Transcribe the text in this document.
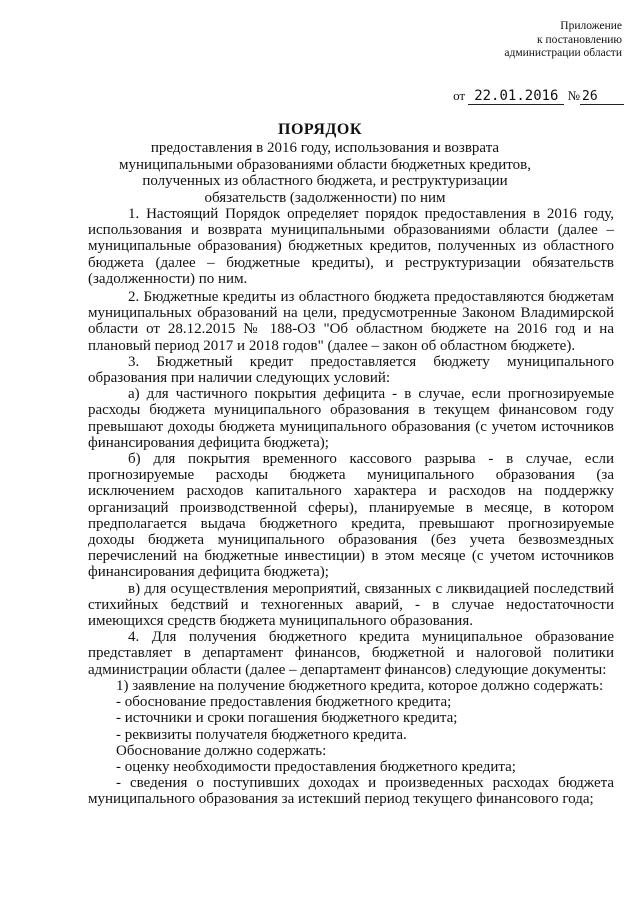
Приложение
к постановлению
администрации области
от 22.01.2016 № 26
ПОРЯДОК
предоставления в 2016 году, использования и возврата муниципальными образованиями области бюджетных кредитов, полученных из областного бюджета, и реструктуризации обязательств (задолженности) по ним

1. Настоящий Порядок определяет порядок предоставления в 2016 году, использования и возврата муниципальными образованиями области (далее – муниципальные образования) бюджетных кредитов, полученных из областного бюджета (далее – бюджетные кредиты), и реструктуризации обязательств (задолженности) по ним.

2. Бюджетные кредиты из областного бюджета предоставляются бюджетам муниципальных образований на цели, предусмотренные Законом Владимирской области от 28.12.2015 № 188-ОЗ "Об областном бюджете на 2016 год и на плановый период 2017 и 2018 годов" (далее – закон об областном бюджете).

3. Бюджетный кредит предоставляется бюджету муниципального образования при наличии следующих условий:

а) для частичного покрытия дефицита - в случае, если прогнозируемые расходы бюджета муниципального образования в текущем финансовом году превышают доходы бюджета муниципального образования (с учетом источников финансирования дефицита бюджета);

б) для покрытия временного кассового разрыва - в случае, если прогнозируемые расходы бюджета муниципального образования (за исключением расходов капитального характера и расходов на поддержку организаций производственной сферы), планируемые в месяце, в котором предполагается выдача бюджетного кредита, превышают прогнозируемые доходы бюджета муниципального образования (без учета безвозмездных перечислений на бюджетные инвестиции) в этом месяце (с учетом источников финансирования дефицита бюджета);

в) для осуществления мероприятий, связанных с ликвидацией последствий стихийных бедствий и техногенных аварий, - в случае недостаточности имеющихся средств бюджета муниципального образования.

4. Для получения бюджетного кредита муниципальное образование представляет в департамент финансов, бюджетной и налоговой политики администрации области (далее – департамент финансов) следующие документы:

1) заявление на получение бюджетного кредита, которое должно содержать:

- обоснование предоставления бюджетного кредита;

- источники и сроки погашения бюджетного кредита;

- реквизиты получателя бюджетного кредита.

Обоснование должно содержать:

- оценку необходимости предоставления бюджетного кредита;

- сведения о поступивших доходах и произведенных расходах бюджета муниципального образования за истекший период текущего финансового года;
